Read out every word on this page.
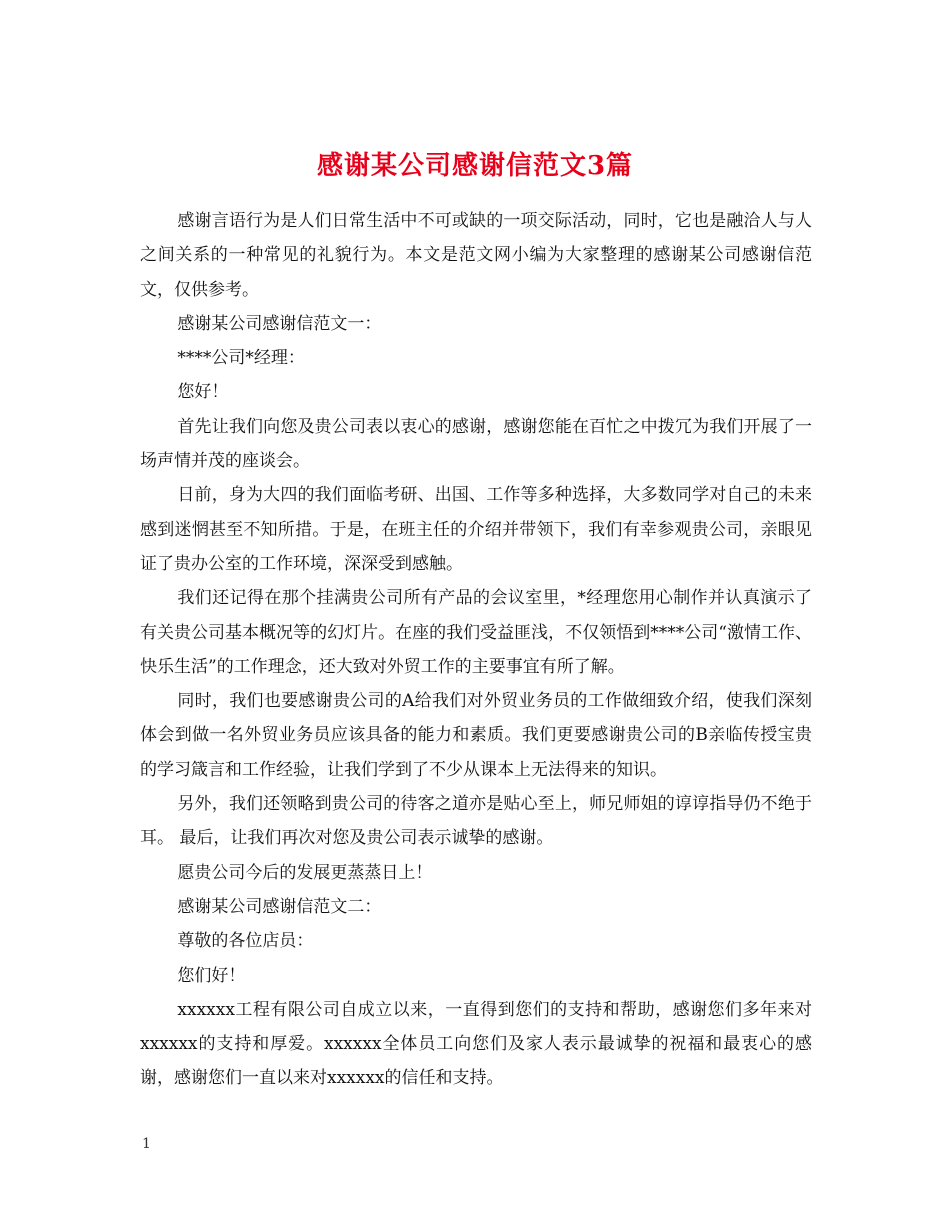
感谢某公司感谢信范文3篇

感谢言语行为是人们日常生活中不可或缺的一项交际活动，同时，它也是融洽人与人之间关系的一种常见的礼貌行为。本文是范文网小编为大家整理的感谢某公司感谢信范文，仅供参考。

感谢某公司感谢信范文一：

****公司*经理：

您好！

首先让我们向您及贵公司表以衷心的感谢，感谢您能在百忙之中拨冗为我们开展了一场声情并茂的座谈会。

日前，身为大四的我们面临考研、出国、工作等多种选择，大多数同学对自己的未来感到迷惘甚至不知所措。于是，在班主任的介绍并带领下，我们有幸参观贵公司，亲眼见证了贵办公室的工作环境，深深受到感触。

我们还记得在那个挂满贵公司所有产品的会议室里，*经理您用心制作并认真演示了有关贵公司基本概况等的幻灯片。在座的我们受益匪浅，不仅领悟到****公司“激情工作、快乐生活”的工作理念，还大致对外贸工作的主要事宜有所了解。

同时，我们也要感谢贵公司的A给我们对外贸业务员的工作做细致介绍，使我们深刻体会到做一名外贸业务员应该具备的能力和素质。我们更要感谢贵公司的B亲临传授宝贵的学习箴言和工作经验，让我们学到了不少从课本上无法得来的知识。

另外，我们还领略到贵公司的待客之道亦是贴心至上，师兄师姐的谆谆指导仍不绝于耳。 最后，让我们再次对您及贵公司表示诚挚的感谢。

愿贵公司今后的发展更蒸蒸日上！

感谢某公司感谢信范文二：

尊敬的各位店员：

您们好！

xxxxxx工程有限公司自成立以来，一直得到您们的支持和帮助，感谢您们多年来对xxxxxx的支持和厚爱。xxxxxx全体员工向您们及家人表示最诚挚的祝福和最衷心的感谢，感谢您们一直以来对xxxxxx的信任和支持。

1
